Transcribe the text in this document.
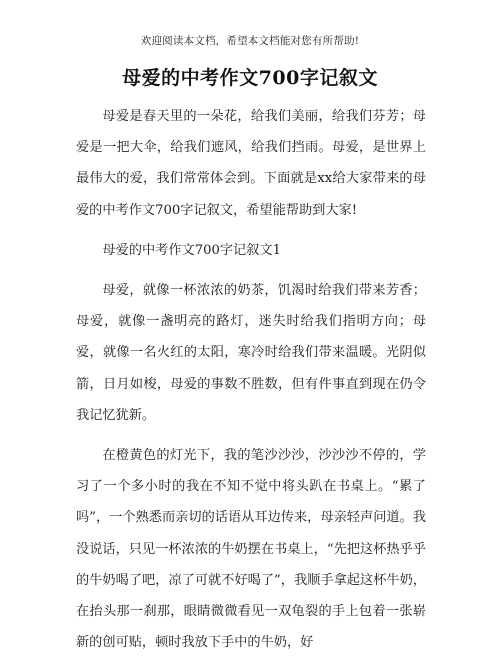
欢迎阅读本文档，希望本文档能对您有所帮助!
母爱的中考作文700字记叙文

母爱是春天里的一朵花，给我们美丽，给我们芬芳；母爱是一把大伞，给我们遮风，给我们挡雨。母爱，是世界上最伟大的爱，我们常常体会到。下面就是xx给大家带来的母爱的中考作文700字记叙文，希望能帮助到大家!

母爱的中考作文700字记叙文1

母爱，就像一杯浓浓的奶茶，饥渴时给我们带来芳香；母爱，就像一盏明亮的路灯，迷失时给我们指明方向；母爱，就像一名火红的太阳，寒冷时给我们带来温暖。光阴似箭，日月如梭，母爱的事数不胜数，但有件事直到现在仍令我记忆犹新。

在橙黄色的灯光下，我的笔沙沙沙，沙沙沙不停的，学习了一个多小时的我在不知不觉中将头趴在书桌上。“累了吗”，一个熟悉而亲切的话语从耳边传来，母亲轻声问道。我没说话，只见一杯浓浓的牛奶摆在书桌上，“先把这杯热乎乎的牛奶喝了吧，凉了可就不好喝了”，我顺手拿起这杯牛奶，在抬头那一刹那，眼睛微微看见一双龟裂的手上包着一张崭新的创可贴，顿时我放下手中的牛奶，好
